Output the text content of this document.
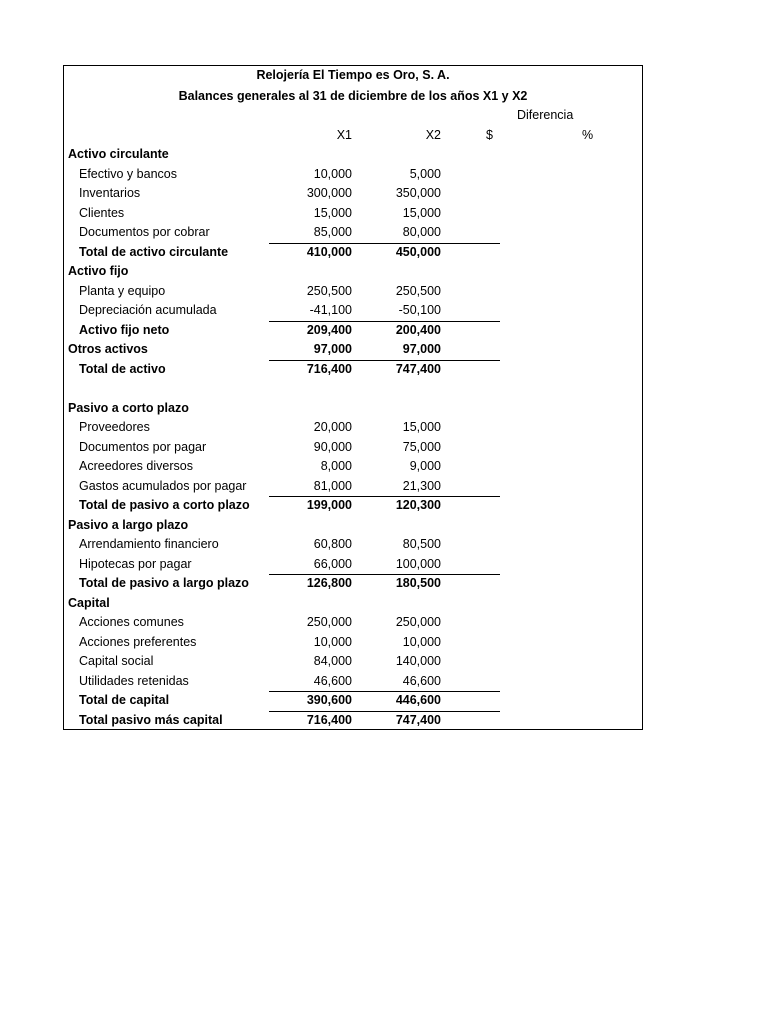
Relojería El Tiempo es Oro, S. A.
Balances generales al 31 de diciembre de los años X1 y X2
Diferencia
X1	X2	$	%
Activo circulante
Efectivo y bancos	10,000	5,000
Inventarios	300,000	350,000
Clientes	15,000	15,000
Documentos por cobrar	85,000	80,000
Total de activo circulante	410,000	450,000
Activo fijo
Planta y equipo	250,500	250,500
Depreciación acumulada	-41,100	-50,100
Activo fijo neto	209,400	200,400
Otros activos	97,000	97,000
Total de activo	716,400	747,400
Pasivo a corto plazo
Proveedores	20,000	15,000
Documentos por pagar	90,000	75,000
Acreedores diversos	8,000	9,000
Gastos acumulados por pagar	81,000	21,300
Total de pasivo a corto plazo	199,000	120,300
Pasivo a largo plazo
Arrendamiento financiero	60,800	80,500
Hipotecas por pagar	66,000	100,000
Total de pasivo a largo plazo	126,800	180,500
Capital
Acciones comunes	250,000	250,000
Acciones preferentes	10,000	10,000
Capital social	84,000	140,000
Utilidades retenidas	46,600	46,600
Total de capital	390,600	446,600
Total pasivo más capital	716,400	747,400
